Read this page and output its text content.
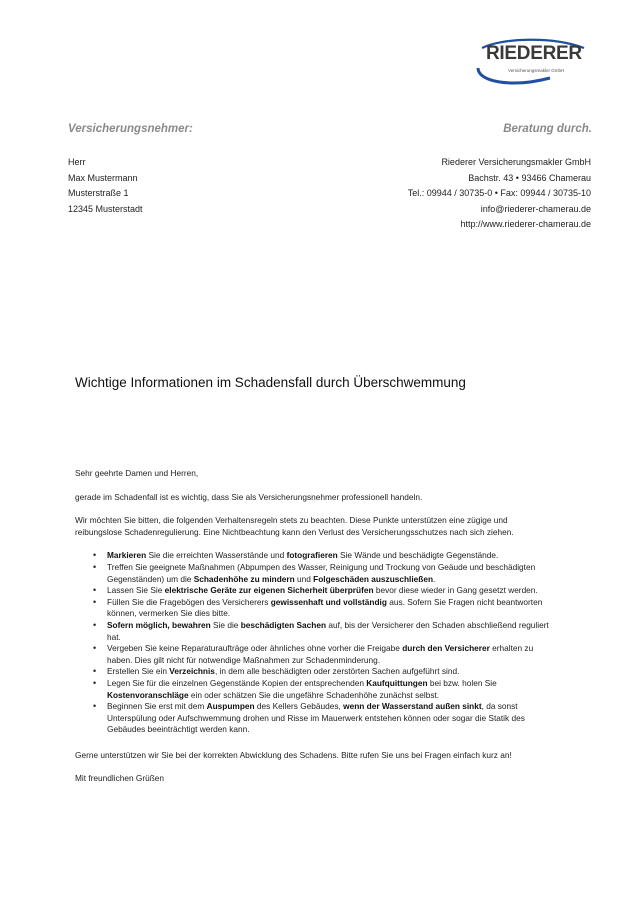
RIEDERER
Versicherungsmakler GmbH
Versicherungsnehmer:	Beratung durch.
Herr
Max Mustermann
Musterstraße 1
12345 Musterstadt
Riederer Versicherungsmakler GmbH
Bachstr. 43 • 93466 Chamerau
Tel.: 09944 / 30735-0 • Fax: 09944 / 30735-10
info@riederer-chamerau.de
http://www.riederer-chamerau.de
Wichtige Informationen im Schadensfall durch Überschwemmung

Sehr geehrte Damen und Herren,

gerade im Schadenfall ist es wichtig, dass Sie als Versicherungsnehmer professionell handeln.

Wir möchten Sie bitten, die folgenden Verhaltensregeln stets zu beachten. Diese Punkte unterstützen eine zügige und reibungslose Schadenregulierung. Eine Nichtbeachtung kann den Verlust des Versicherungsschutzes nach sich ziehen.

• Markieren Sie die erreichten Wasserstände und fotografieren Sie Wände und beschädigte Gegenstände.
• Treffen Sie geeignete Maßnahmen (Abpumpen des Wasser, Reinigung und Trockung von Geäude und beschädigten Gegenständen) um die Schadenhöhe zu mindern und Folgeschäden auszuschließen.
• Lassen Sie Sie elektrische Geräte zur eigenen Sicherheit überprüfen bevor diese wieder in Gang gesetzt werden.
• Füllen Sie die Fragebögen des Versicherers gewissenhaft und vollständig aus. Sofern Sie Fragen nicht beantworten können, vermerken Sie dies bitte.
• Sofern möglich, bewahren Sie die beschädigten Sachen auf, bis der Versicherer den Schaden abschließend reguliert hat.
• Vergeben Sie keine Reparaturaufträge oder ähnliches ohne vorher die Freigabe durch den Versicherer erhalten zu haben. Dies gilt nicht für notwendige Maßnahmen zur Schadenminderung.
• Erstellen Sie ein Verzeichnis, in dem alle beschädigten oder zerstörten Sachen aufgeführt sind.
• Legen Sie für die einzelnen Gegenstände Kopien der entsprechenden Kaufquittungen bei bzw. holen Sie Kostenvoranschläge ein oder schätzen Sie die ungefähre Schadenhöhe zunächst selbst.
• Beginnen Sie erst mit dem Auspumpen des Kellers Gebäudes, wenn der Wasserstand außen sinkt, da sonst Unterspülung oder Aufschwemmung drohen und Risse im Mauerwerk entstehen können oder sogar die Statik des Gebäudes beeinträchtigt werden kann.

Gerne unterstützen wir Sie bei der korrekten Abwicklung des Schadens. Bitte rufen Sie uns bei Fragen einfach kurz an!

Mit freundlichen Grüßen
